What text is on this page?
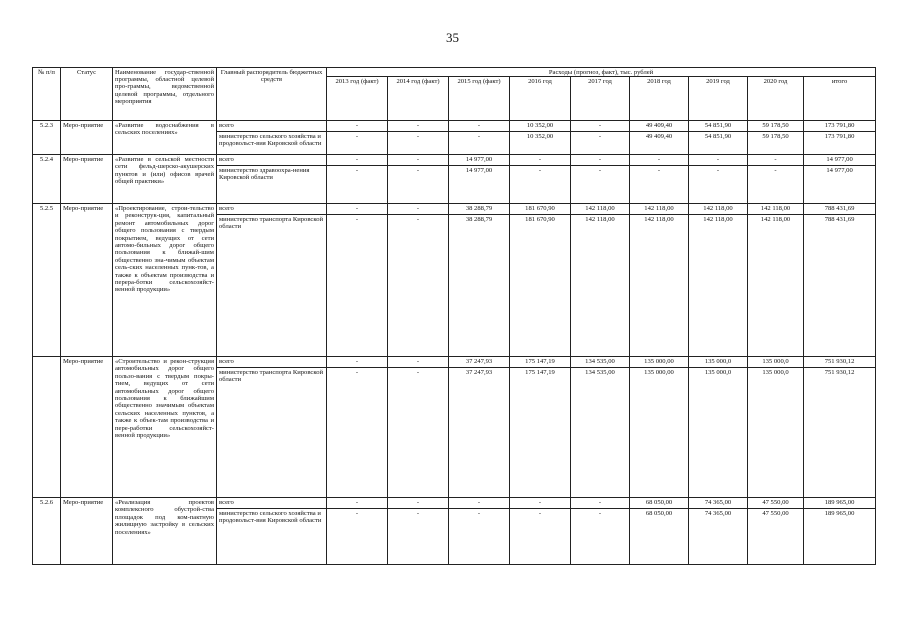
35
№ п/п	Статус	Наименование государ-ственной программы, областной целевой про-граммы, ведомственной целевой программы, отдельного мероприятия	Главный распорядитель бюджетных средств	Расходы (прогноз, факт), тыс. рублей								
				2013 год (факт)	2014 год (факт)	2015 год (факт)	2016 год	2017 год	2018 год	2019 год	2020 год	итого
5.2.3	Меро-приятие	«Развитие водоснабжения в сельских поселениях»	всего	-	-	-	10 352,00	-	49 409,40	54 851,90	59 178,50	173 791,80
			министерство сельского хозяйства и продовольст-вия Кировской области	-	-	-	10 352,00	-	49 409,40	54 851,90	59 178,50	173 791,80
5.2.4	Меро-приятие	«Развитие в сельской местности сети фельд-шерско-акушерских пунктов и (или) офисов врачей общей практики»	всего	-	-	14 977,00	-	-	-	-	-	14 977,00
			министерство здравоохра-нения Кировской области	-	-	14 977,00	-	-	-	-	-	14 977,00
5.2.5	Меро-приятие	«Проектирование, строи-тельство и реконструк-ция, капитальный ремонт автомобильных дорог общего пользования с твердым покрытием, ведущих от сети автомо-бильных дорог общего пользования к ближай-шим общественно зна-чимым объектам сель-ских населенных пунк-тов, а также к объектам производства и перера-ботки сельскохозяйст-венной продукции»	всего	-	-	38 288,79	181 670,90	142 118,00	142 118,00	142 118,00	142 118,00	788 431,69
			министерство транспорта Кировской области	-	-	38 288,79	181 670,90	142 118,00	142 118,00	142 118,00	142 118,00	788 431,69
	Меро-приятие	«Строительство и рекон-струкция автомобильных дорог общего пользо-вания с твердым покры-тием, ведущих от сети автомобильных дорог общего пользования к ближайшим общественно значимым объектам сельских населенных пунктов, а также к объек-там производства и пере-работки сельскохозяйст-венной продукции»	всего	-	-	37 247,93	175 147,19	134 535,00	135 000,00	135 000,0	135 000,0	751 930,12
			министерство транспорта Кировской области	-	-	37 247,93	175 147,19	134 535,00	135 000,00	135 000,0	135 000,0	751 930,12
5.2.6	Меро-приятие	«Реализация проектов комплексного обустрой-ства площадок под ком-пактную жилищную застройку в сельских поселениях»	всего	-	-	-	-	-	68 050,00	74 365,00	47 550,00	189 965,00
			министерство сельского хозяйства и продовольст-вия Кировской области	-	-	-	-	-	68 050,00	74 365,00	47 550,00	189 965,00
